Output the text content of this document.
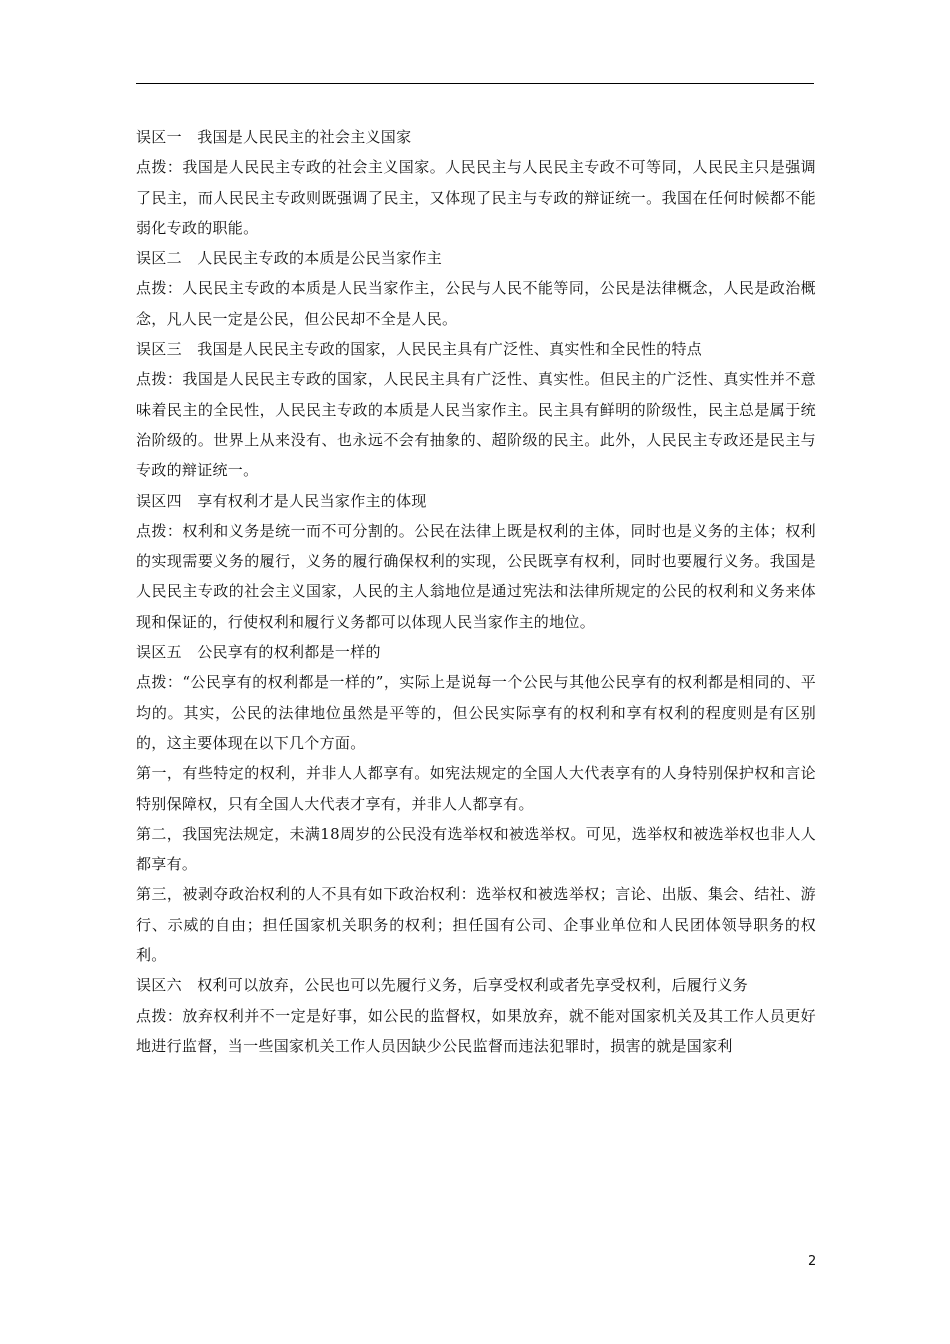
误区一　我国是人民民主的社会主义国家

点拨：我国是人民民主专政的社会主义国家。人民民主与人民民主专政不可等同，人民民主只是强调了民主，而人民民主专政则既强调了民主，又体现了民主与专政的辩证统一。我国在任何时候都不能弱化专政的职能。

误区二　人民民主专政的本质是公民当家作主

点拨：人民民主专政的本质是人民当家作主，公民与人民不能等同，公民是法律概念，人民是政治概念，凡人民一定是公民，但公民却不全是人民。

误区三　我国是人民民主专政的国家，人民民主具有广泛性、真实性和全民性的特点

点拨：我国是人民民主专政的国家，人民民主具有广泛性、真实性。但民主的广泛性、真实性并不意味着民主的全民性，人民民主专政的本质是人民当家作主。民主具有鲜明的阶级性，民主总是属于统治阶级的。世界上从来没有、也永远不会有抽象的、超阶级的民主。此外，人民民主专政还是民主与专政的辩证统一。

误区四　享有权利才是人民当家作主的体现

点拨：权利和义务是统一而不可分割的。公民在法律上既是权利的主体，同时也是义务的主体；权利的实现需要义务的履行，义务的履行确保权利的实现，公民既享有权利，同时也要履行义务。我国是人民民主专政的社会主义国家，人民的主人翁地位是通过宪法和法律所规定的公民的权利和义务来体现和保证的，行使权利和履行义务都可以体现人民当家作主的地位。

误区五　公民享有的权利都是一样的

点拨：“公民享有的权利都是一样的”，实际上是说每一个公民与其他公民享有的权利都是相同的、平均的。其实，公民的法律地位虽然是平等的，但公民实际享有的权利和享有权利的程度则是有区别的，这主要体现在以下几个方面。

第一，有些特定的权利，并非人人都享有。如宪法规定的全国人大代表享有的人身特别保护权和言论特别保障权，只有全国人大代表才享有，并非人人都享有。

第二，我国宪法规定，未满18周岁的公民没有选举权和被选举权。可见，选举权和被选举权也非人人都享有。

第三，被剥夺政治权利的人不具有如下政治权利：选举权和被选举权；言论、出版、集会、结社、游行、示威的自由；担任国家机关职务的权利；担任国有公司、企事业单位和人民团体领导职务的权利。

误区六　权利可以放弃，公民也可以先履行义务，后享受权利或者先享受权利，后履行义务

点拨：放弃权利并不一定是好事，如公民的监督权，如果放弃，就不能对国家机关及其工作人员更好地进行监督，当一些国家机关工作人员因缺少公民监督而违法犯罪时，损害的就是国家利

2
